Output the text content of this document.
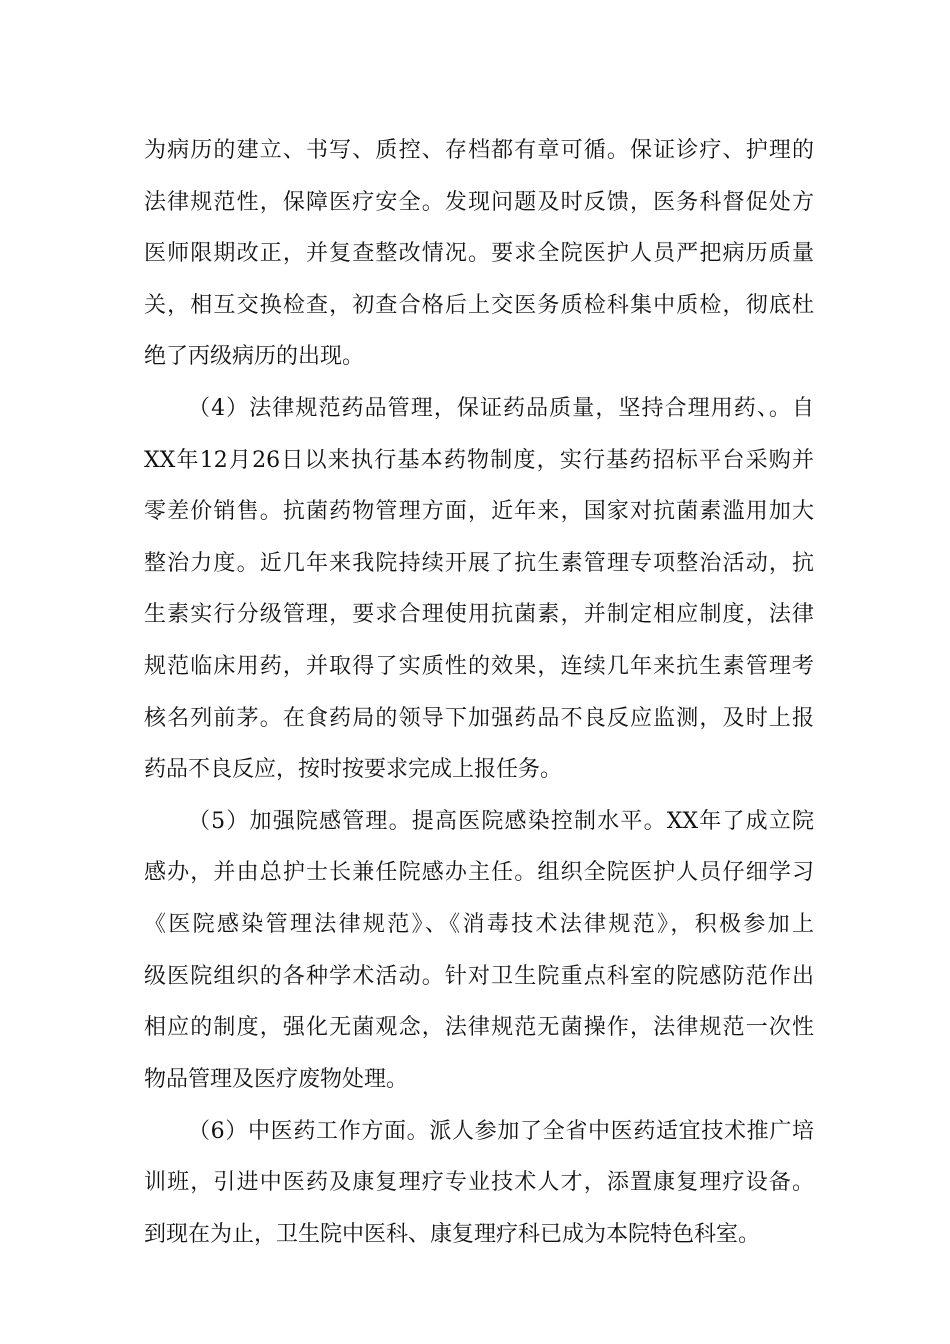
为病历的建立、书写、质控、存档都有章可循。保证诊疗、护理的
法律规范性，保障医疗安全。发现问题及时反馈，医务科督促处方
医师限期改正，并复查整改情况。要求全院医护人员严把病历质量
关，相互交换检查，初查合格后上交医务质检科集中质检，彻底杜
绝了丙级病历的出现。
（4）法律规范药品管理，保证药品质量，坚持合理用药、。自
XX年12月26日以来执行基本药物制度，实行基药招标平台采购并
零差价销售。抗菌药物管理方面，近年来，国家对抗菌素滥用加大
整治力度。近几年来我院持续开展了抗生素管理专项整治活动，抗
生素实行分级管理，要求合理使用抗菌素，并制定相应制度，法律
规范临床用药，并取得了实质性的效果，连续几年来抗生素管理考
核名列前茅。在食药局的领导下加强药品不良反应监测，及时上报
药品不良反应，按时按要求完成上报任务。
（5）加强院感管理。提高医院感染控制水平。XX年了成立院
感办，并由总护士长兼任院感办主任。组织全院医护人员仔细学习
《医院感染管理法律规范》、《消毒技术法律规范》，积极参加上
级医院组织的各种学术活动。针对卫生院重点科室的院感防范作出
相应的制度，强化无菌观念，法律规范无菌操作，法律规范一次性
物品管理及医疗废物处理。
（6）中医药工作方面。派人参加了全省中医药适宜技术推广培
训班，引进中医药及康复理疗专业技术人才，添置康复理疗设备。
到现在为止，卫生院中医科、康复理疗科已成为本院特色科室。
